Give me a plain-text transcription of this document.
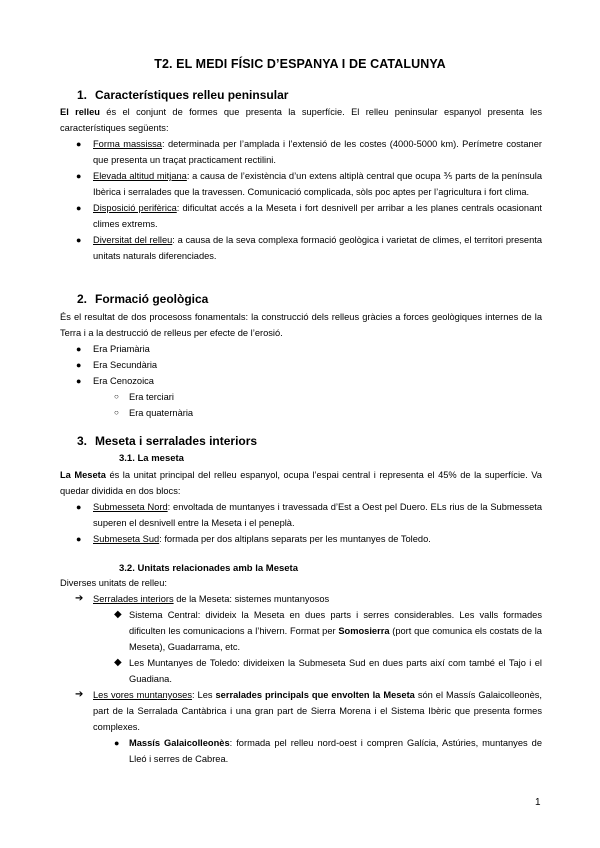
T2. EL MEDI FÍSIC D’ESPANYA I DE CATALUNYA
1. Característiques relleu peninsular
El relleu és el conjunt de formes que presenta la superfície. El relleu peninsular espanyol presenta les característiques següents:
● Forma massissa: determinada per l’amplada i l’extensió de les costes (4000-5000 km). Perímetre costaner que presenta un traçat practicament rectilini.
● Elevada altitud mitjana: a causa de l’existència d’un extens altiplà central que ocupa ⅗ parts de la península Ibèrica i serralades que la travessen. Comunicació complicada, sòls poc aptes per l’agricultura i fort clima.
● Disposició perifèrica: dificultat accés a la Meseta i fort desnivell per arribar a les planes centrals ocasionant climes extrems.
● Diversitat del relleu: a causa de la seva complexa formació geològica i varietat de climes, el territori presenta unitats naturals diferenciades.
2. Formació geològica
És el resultat de dos procesoss fonamentals: la construcció dels relleus gràcies a forces geològiques internes de la Terra i a la destrucció de relleus per efecte de l’erosió.
● Era Priamària
● Era Secundària
● Era Cenozoica
○ Era terciari
○ Era quaternària
3. Meseta i serralades interiors
3.1. La meseta
La Meseta és la unitat principal del relleu espanyol, ocupa l’espai central i representa el 45% de la superfície. Va quedar dividida en dos blocs:
● Submesseta Nord: envoltada de muntanyes i travessada d’Est a Oest pel Duero. ELs rius de la Submesseta superen el desnivell entre la Meseta i el peneplà.
● Submeseta Sud: formada per dos altiplans separats per les muntanyes de Toledo.
3.2. Unitats relacionades amb la Meseta
Diverses unitats de relleu:
➔ Serralades interiors de la Meseta: sistemes muntanyosos
◆ Sistema Central: divideix la Meseta en dues parts i serres considerables. Les valls formades dificulten les comunicacions a l’hivern. Format per Somosierra (port que comunica els costats de la Meseta), Guadarrama, etc.
◆ Les Muntanyes de Toledo: divideixen la Submeseta Sud en dues parts així com també el Tajo i el Guadiana.
➔ Les vores muntanyoses: Les serralades principals que envolten la Meseta són el Massís Galaicolleonès, part de la Serralada Cantàbrica i una gran part de Sierra Morena i el Sistema Ibèric que presenta formes complexes.
● Massís Galaicolleonès: formada pel relleu nord-oest i compren Galícia, Astúries, muntanyes de Lleó i serres de Cabrea.
1
